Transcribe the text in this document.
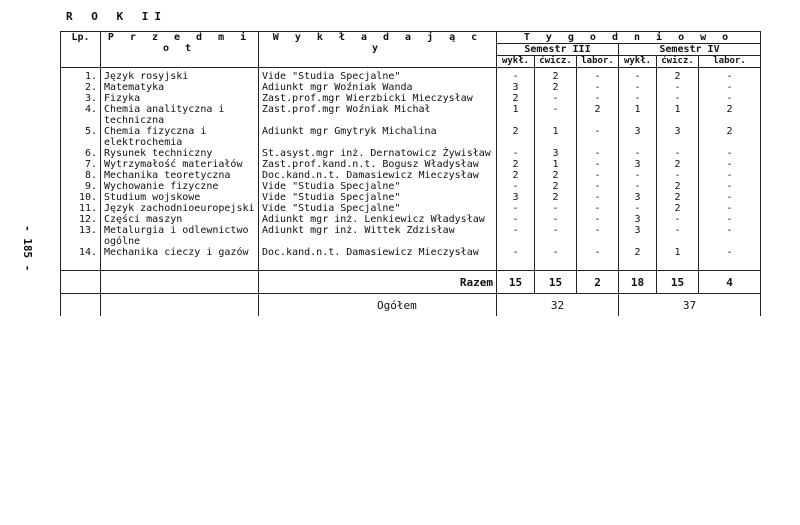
R O K II
- 185 -
Lp.	P r z e d m i o t	W y k ł a d a j ą c y	T y g o d n i o w o					
			Semestr III			Semestr IV		
			wykł.	ćwicz.	labor.	wykł.	ćwicz.	labor.
1.	Język rosyjski	Vide "Studia Specjalne"	-	2	-	-	2	-
2.	Matematyka	Adiunkt mgr Woźniak Wanda	3	2	-	-	-	-
3.	Fizyka	Zast.prof.mgr Wierzbicki Mieczysław	2	-	-	-	-	-
4.	Chemia analityczna i techniczna	Zast.prof.mgr Woźniak Michał	1	-	2	1	1	2
5.	Chemia fizyczna i elektrochemia	Adiunkt mgr Gmytryk Michalina	2	1	-	3	3	2
6.	Rysunek techniczny	St.asyst.mgr inż. Dernatowicz Żywisław	-	3	-	-	-	-
7.	Wytrzymałość materiałów	Zast.prof.kand.n.t. Bogusz Władysław	2	1	-	3	2	-
8.	Mechanika teoretyczna	Doc.kand.n.t. Damasiewicz Mieczysław	2	2	-	-	-	-
9.	Wychowanie fizyczne	Vide "Studia Specjalne"	-	2	-	-	2	-
10.	Studium wojskowe	Vide "Studia Specjalne"	3	2	-	3	2	-
11.	Język zachodnioeuropejski	Vide "Studia Specjalne"	-	-	-	-	2	-
12.	Części maszyn	Adiunkt mgr inż. Lenkiewicz Władysław	-	-	-	3	-	-
13.	Metalurgia i odlewnictwo ogólne	Adiunkt mgr inż. Wittek Zdzisław	-	-	-	3	-	-
14.	Mechanika cieczy i gazów	Doc.kand.n.t. Damasiewicz Mieczysław	-	-	-	2	1	-
		Razem	15	15	2	18	15	4
		Ogółem	32			37		
